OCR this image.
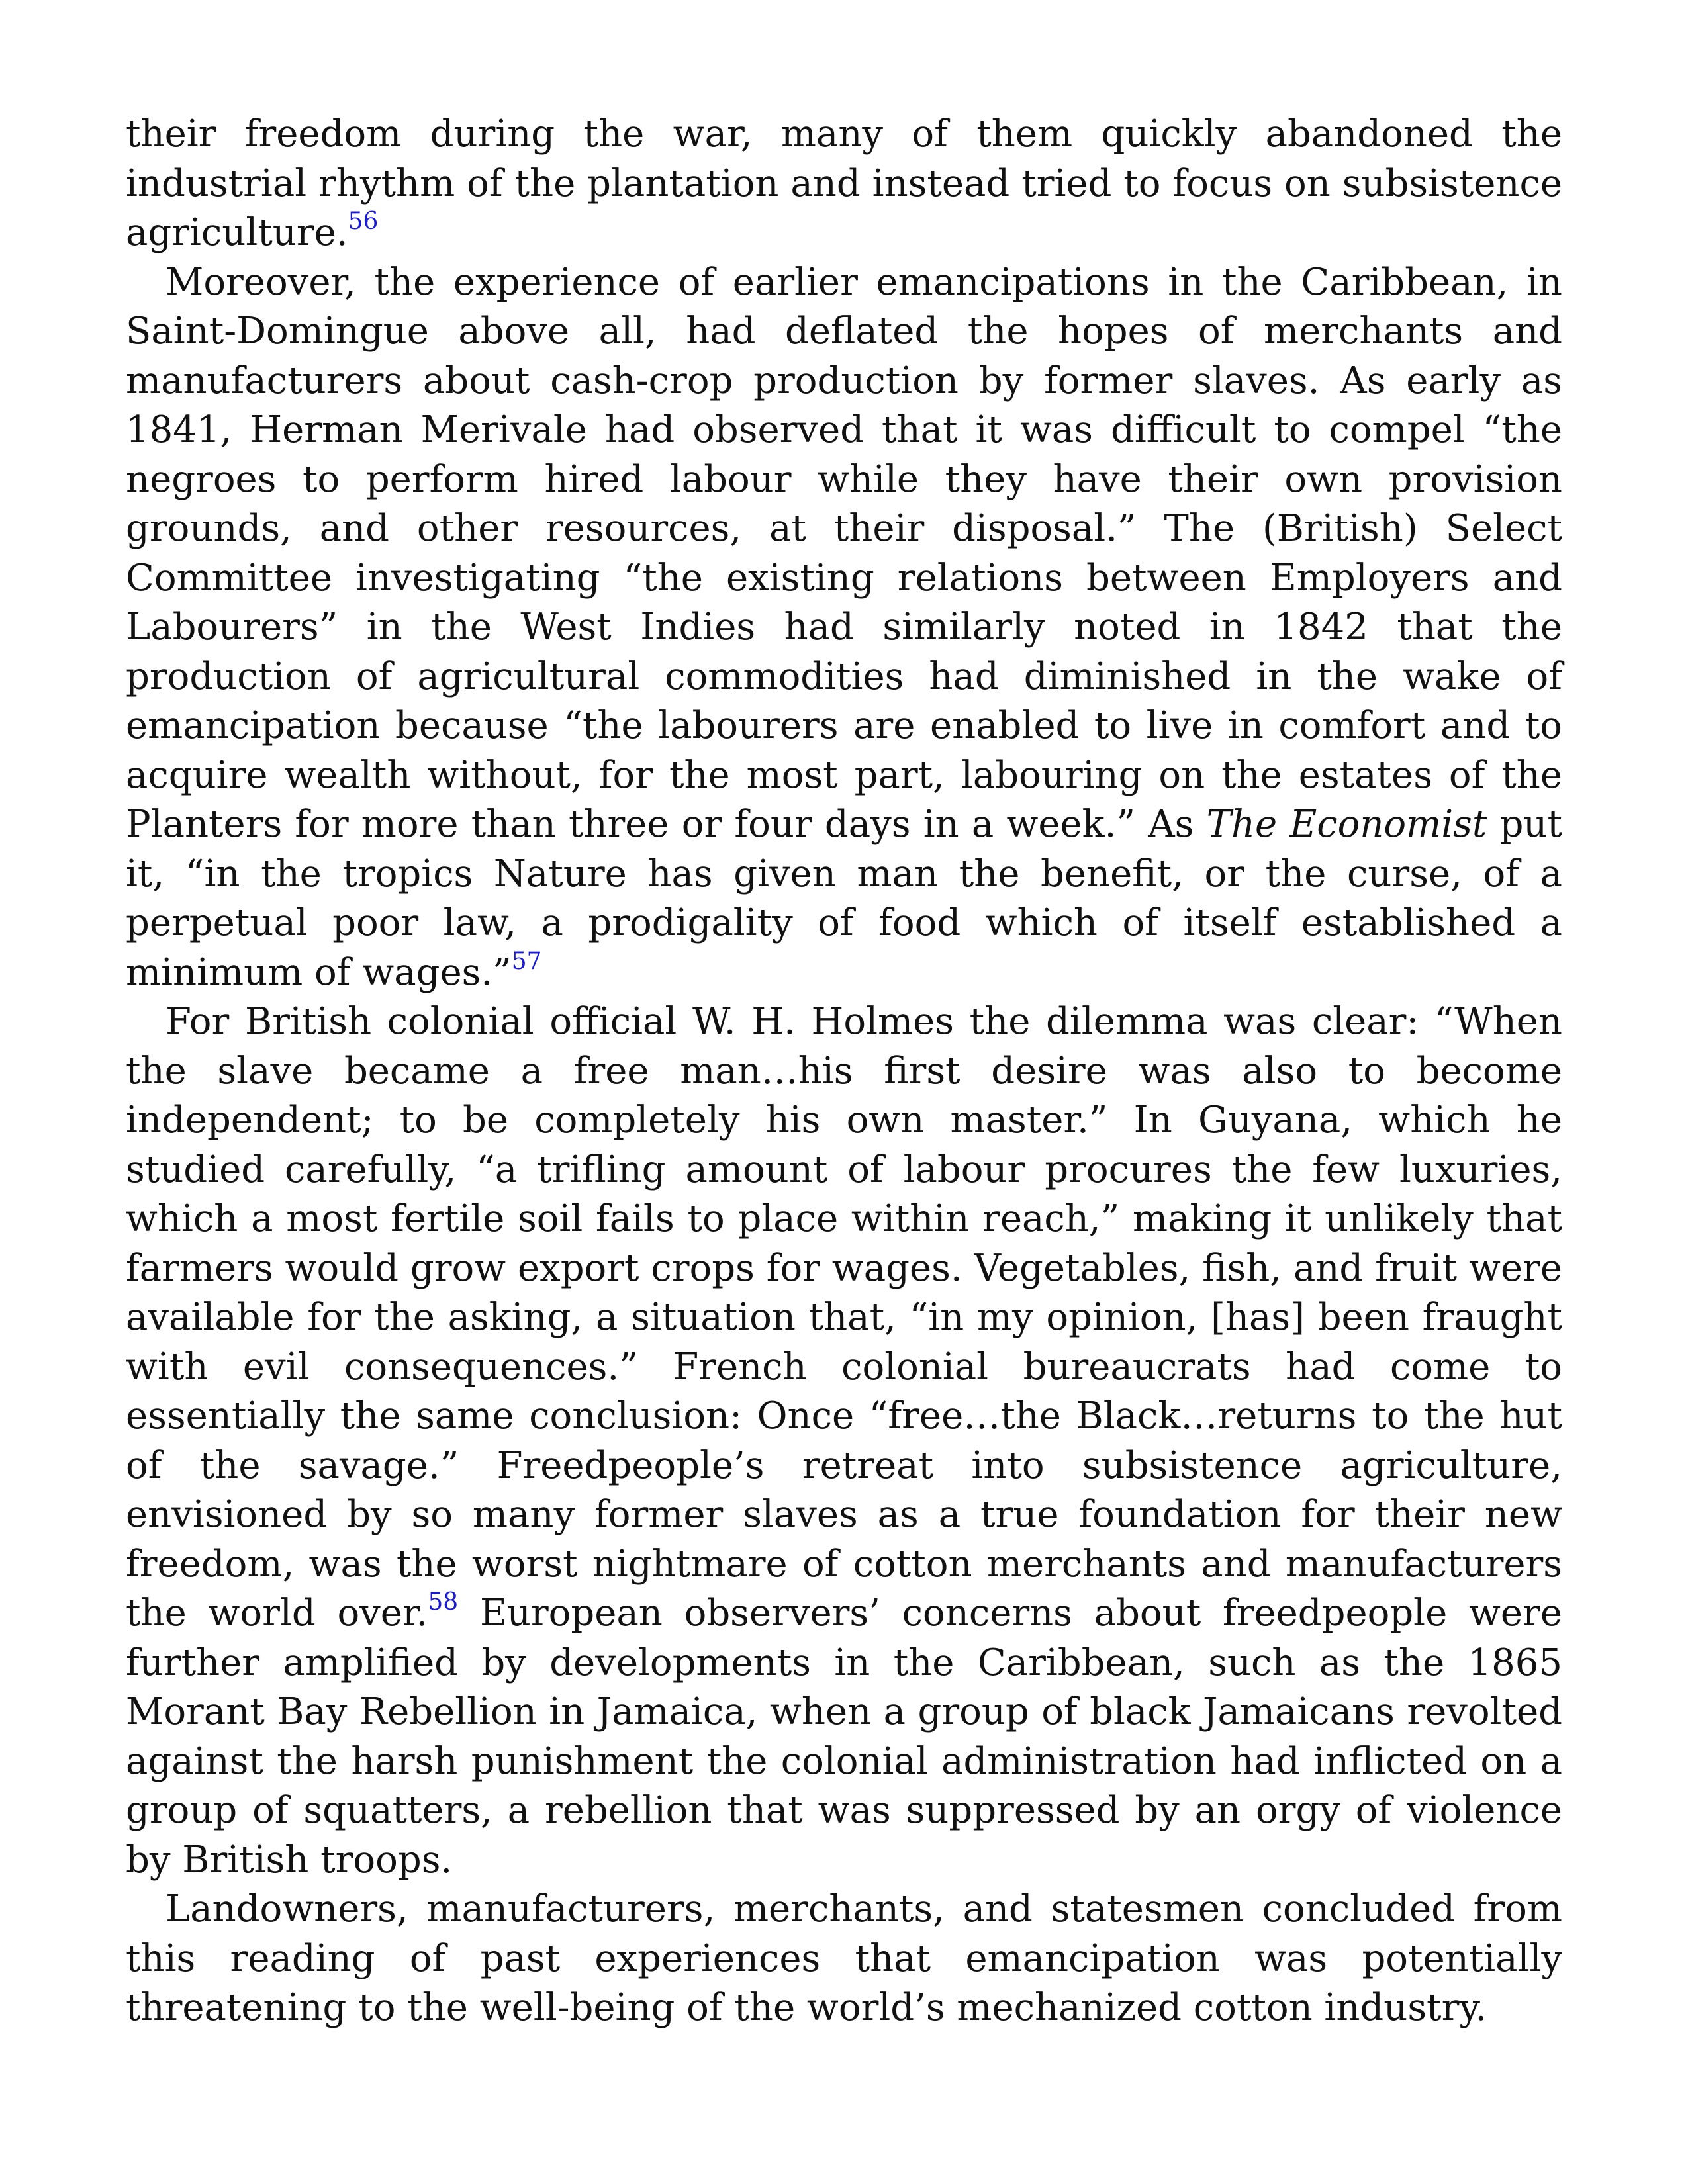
their freedom during the war, many of them quickly abandoned the industrial rhythm of the plantation and instead tried to focus on subsistence agriculture.$^{56}$

Moreover, the experience of earlier emancipations in the Caribbean, in Saint-Domingue above all, had deflated the hopes of merchants and manufacturers about cash-crop production by former slaves. As early as 1841, Herman Merivale had observed that it was difficult to compel “the negroes to perform hired labour while they have their own provision grounds, and other resources, at their disposal.” The (British) Select Committee investigating “the existing relations between Employers and Labourers” in the West Indies had similarly noted in 1842 that the production of agricultural commodities had diminished in the wake of emancipation because “the labourers are enabled to live in comfort and to acquire wealth without, for the most part, labouring on the estates of the Planters for more than three or four days in a week.” As The Economist put it, “in the tropics Nature has given man the benefit, or the curse, of a perpetual poor law, a prodigality of food which of itself established a minimum of wages.”$^{57}$

For British colonial official W. H. Holmes the dilemma was clear: “When the slave became a free man…his first desire was also to become independent; to be completely his own master.” In Guyana, which he studied carefully, “a trifling amount of labour procures the few luxuries, which a most fertile soil fails to place within reach,” making it unlikely that farmers would grow export crops for wages. Vegetables, fish, and fruit were available for the asking, a situation that, “in my opinion, [has] been fraught with evil consequences.” French colonial bureaucrats had come to essentially the same conclusion: Once “free…the Black…returns to the hut of the savage.” Freedpeople’s retreat into subsistence agriculture, envisioned by so many former slaves as a true foundation for their new freedom, was the worst nightmare of cotton merchants and manufacturers the world over.$^{58}$ European observers’ concerns about freedpeople were further amplified by developments in the Caribbean, such as the 1865 Morant Bay Rebellion in Jamaica, when a group of black Jamaicans revolted against the harsh punishment the colonial administration had inflicted on a group of squatters, a rebellion that was suppressed by an orgy of violence by British troops.

Landowners, manufacturers, merchants, and statesmen concluded from this reading of past experiences that emancipation was potentially threatening to the well-being of the world’s mechanized cotton industry.
